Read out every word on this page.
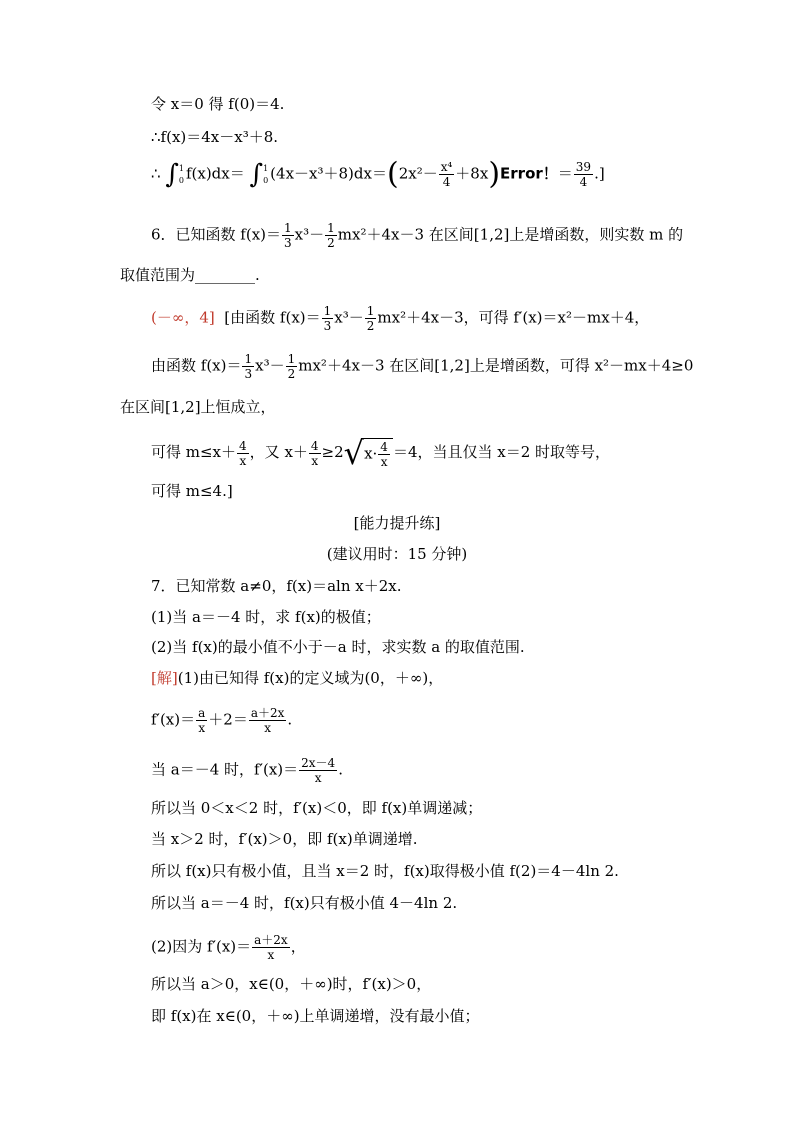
令 x＝0 得 f(0)＝4.
∴f(x)＝4x－x³＋8.
∴ ∫1
0 f(x)dx＝ ∫1
0 $(4x-x^3+8)dx=(2x^2- \frac{\text{x⁴}}{4}$ ＋8x)Error！＝ $\frac{39}{4}$ .]
6．已知函数 $f(x)= \frac{1}{3} x^3- \frac{1}{2} mx^2+4x-3$ 在区间[1,2]上是增函数，则实数 m 的
取值范围为________.
(－∞，4] [由函数 $f(x)= \frac{1}{3} x^3- \frac{1}{2} mx^2+4x-3$，可得 f′(x)＝x²－mx＋4，
由函数 $f(x)= \frac{1}{3} x^3- \frac{1}{2} mx^2+4x-3$ 在区间[1,2]上是增函数，可得 x²－mx＋4≥0
在区间[1,2]上恒成立，
可得 $m\le x+ \frac{4}{x}$ ，又 $x+ \frac{4}{x} \ge 2√x\cdot \frac{4}{x} =4$，当且仅当 x＝2 时取等号，
可得 m≤4.]
[能力提升练]
(建议用时：15 分钟)
7．已知常数 a≠0，f(x)＝aln x＋2x.
(1)当 a＝－4 时，求 f(x)的极值；
(2)当 f(x)的最小值不小于－a 时，求实数 a 的取值范围.
[解](1)由已知得 f(x)的定义域为(0，＋∞)，
$f'(x)= \frac{a}{x} +2= \frac{a+2x}{x}$ .
当 a＝－4 时，$f'(x)= \frac{2x-4}{x}$ .
所以当 0＜x＜2 时，f′(x)＜0，即 f(x)单调递减；
当 x＞2 时，f′(x)＞0，即 f(x)单调递增.
所以 f(x)只有极小值，且当 x＝2 时，f(x)取得极小值 f(2)＝4－4ln 2.
所以当 a＝－4 时，f(x)只有极小值 4－4ln 2.
(2)因为 $f'(x)= \frac{a+2x}{x}$ ，
所以当 a＞0，x∈(0，＋∞)时，f′(x)＞0，
即 f(x)在 x∈(0，＋∞)上单调递增，没有最小值；
